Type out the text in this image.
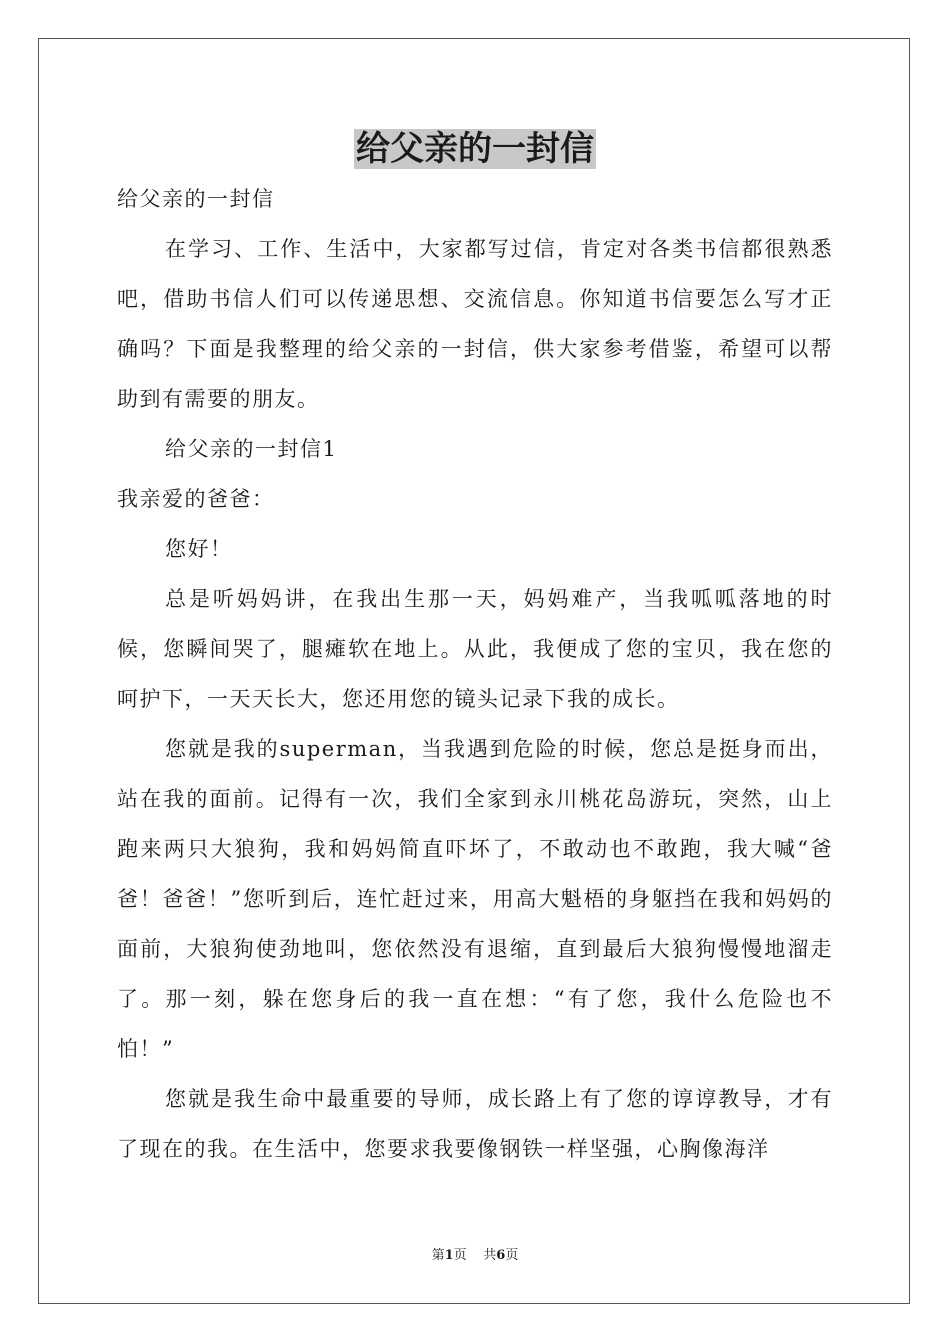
给父亲的一封信

给父亲的一封信

在学习、工作、生活中，大家都写过信，肯定对各类书信都很熟悉吧，借助书信人们可以传递思想、交流信息。你知道书信要怎么写才正确吗？下面是我整理的给父亲的一封信，供大家参考借鉴，希望可以帮助到有需要的朋友。

给父亲的一封信1

我亲爱的爸爸：

您好！

总是听妈妈讲，在我出生那一天，妈妈难产，当我呱呱落地的时候，您瞬间哭了，腿瘫软在地上。从此，我便成了您的宝贝，我在您的呵护下，一天天长大，您还用您的镜头记录下我的成长。

您就是我的superman，当我遇到危险的时候，您总是挺身而出，站在我的面前。记得有一次，我们全家到永川桃花岛游玩，突然，山上跑来两只大狼狗，我和妈妈简直吓坏了，不敢动也不敢跑，我大喊“爸爸！爸爸！”您听到后，连忙赶过来，用高大魁梧的身躯挡在我和妈妈的面前，大狼狗使劲地叫，您依然没有退缩，直到最后大狼狗慢慢地溜走了。那一刻，躲在您身后的我一直在想：“有了您，我什么危险也不怕！”

您就是我生命中最重要的导师，成长路上有了您的谆谆教导，才有了现在的我。在生活中，您要求我要像钢铁一样坚强，心胸像海洋

第1页 共6页
